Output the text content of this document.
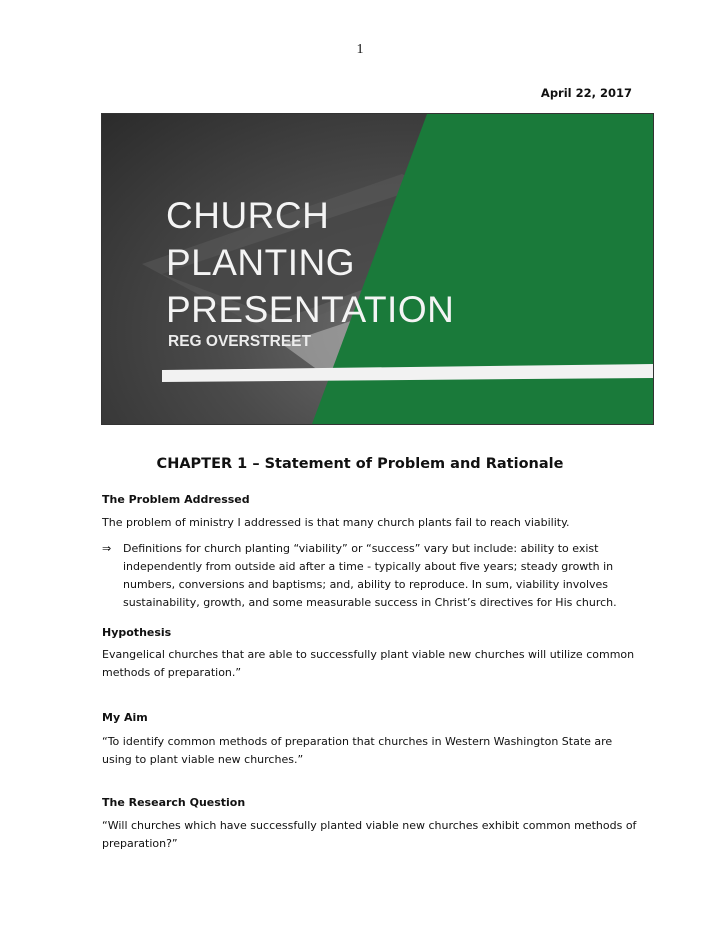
1
April 22, 2017
CHURCH
PLANTING
PRESENTATION
REG OVERSTREET
CHAPTER 1 – Statement of Problem and Rationale
The Problem Addressed
The problem of ministry I addressed is that many church plants fail to reach viability.
⇒ Definitions for church planting “viability” or “success” vary but include: ability to exist independently from outside aid after a time - typically about five years; steady growth in numbers, conversions and baptisms; and, ability to reproduce. In sum, viability involves sustainability, growth, and some measurable success in Christ’s directives for His church.
Hypothesis
Evangelical churches that are able to successfully plant viable new churches will utilize common methods of preparation.”
My Aim
“To identify common methods of preparation that churches in Western Washington State are using to plant viable new churches.”
The Research Question
“Will churches which have successfully planted viable new churches exhibit common methods of preparation?”
